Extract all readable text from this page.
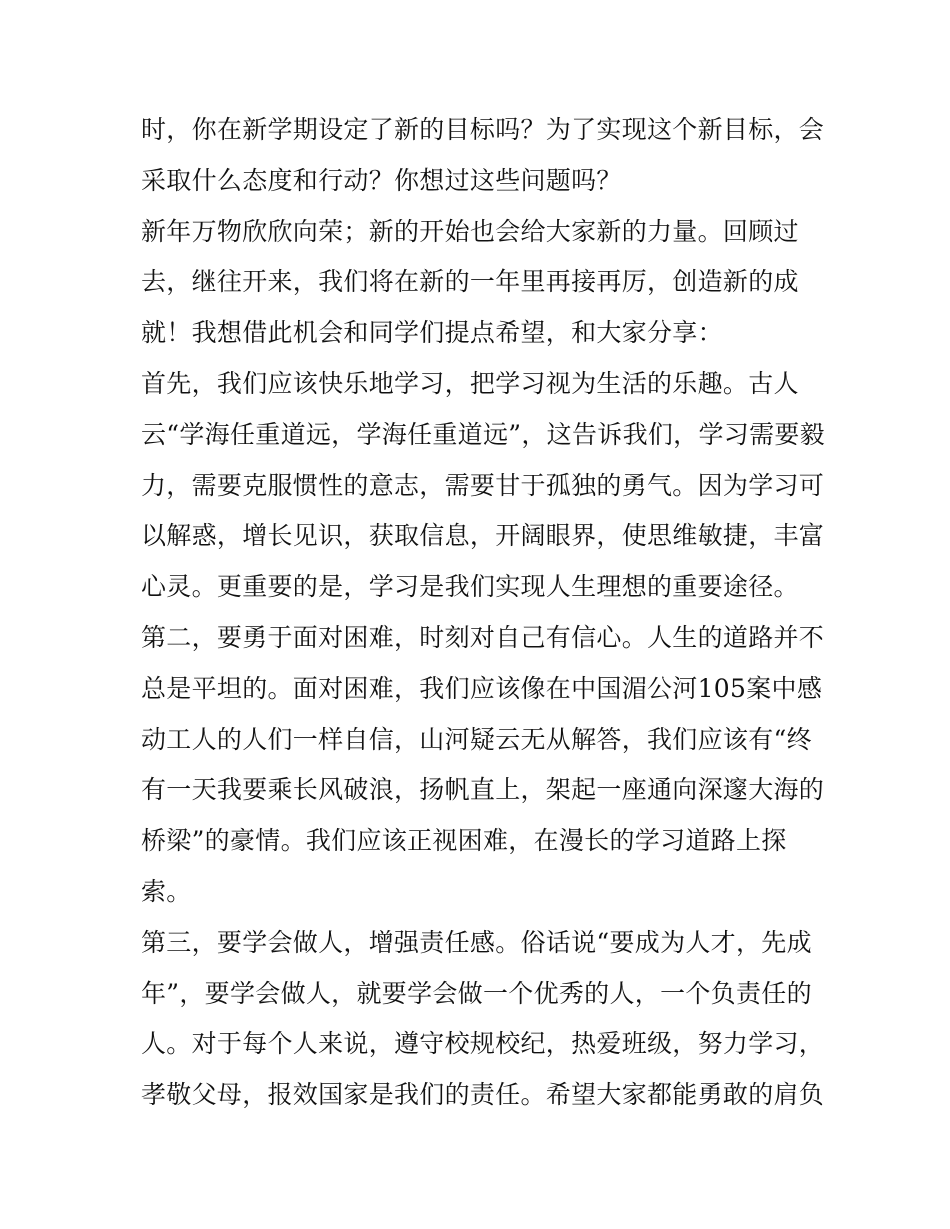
时，你在新学期设定了新的目标吗？为了实现这个新目标，会
采取什么态度和行动？你想过这些问题吗？
新年万物欣欣向荣；新的开始也会给大家新的力量。回顾过
去，继往开来，我们将在新的一年里再接再厉，创造新的成
就！我想借此机会和同学们提点希望，和大家分享：
首先，我们应该快乐地学习，把学习视为生活的乐趣。古人
云“学海任重道远，学海任重道远”，这告诉我们，学习需要毅
力，需要克服惯性的意志，需要甘于孤独的勇气。因为学习可
以解惑，增长见识，获取信息，开阔眼界，使思维敏捷，丰富
心灵。更重要的是，学习是我们实现人生理想的重要途径。
第二，要勇于面对困难，时刻对自己有信心。人生的道路并不
总是平坦的。面对困难，我们应该像在中国湄公河105案中感
动工人的人们一样自信，山河疑云无从解答，我们应该有“终
有一天我要乘长风破浪，扬帆直上，架起一座通向深邃大海的
桥梁”的豪情。我们应该正视困难，在漫长的学习道路上探
索。
第三，要学会做人，增强责任感。俗话说“要成为人才，先成
年”，要学会做人，就要学会做一个优秀的人，一个负责任的
人。对于每个人来说，遵守校规校纪，热爱班级，努力学习，
孝敬父母，报效国家是我们的责任。希望大家都能勇敢的肩负
